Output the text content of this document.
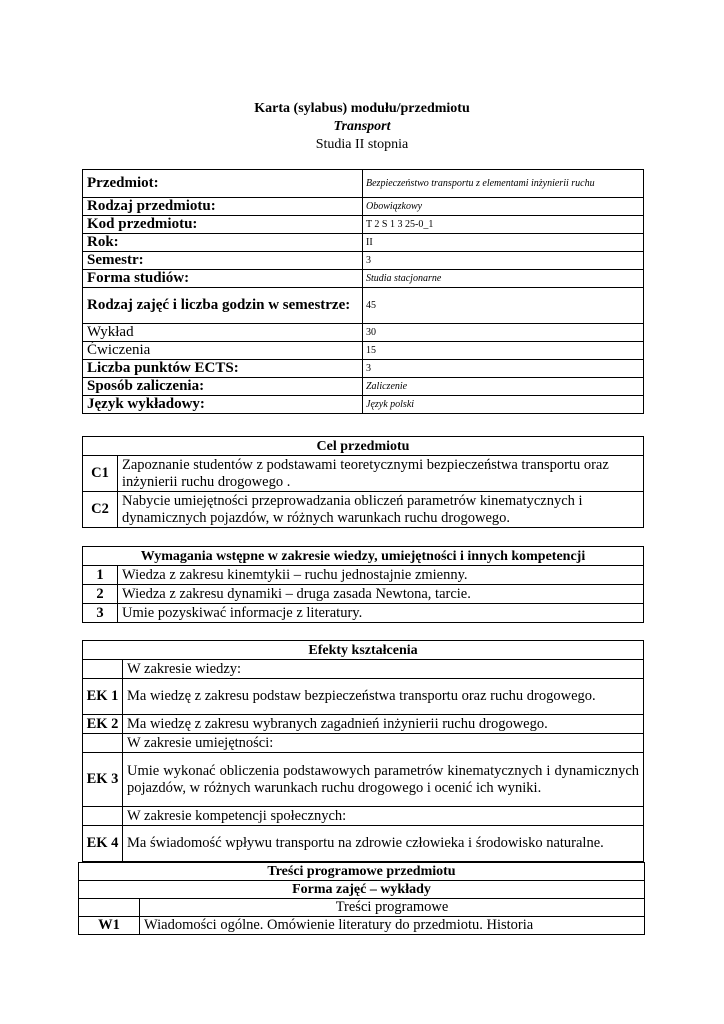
Karta (sylabus) modułu/przedmiotu
Transport
Studia II stopnia
Przedmiot:	Bezpieczeństwo transportu z elementami inżynierii ruchu
Rodzaj przedmiotu:	Obowiązkowy
Kod przedmiotu:	T 2 S 1 3 25-0_1
Rok:	II
Semestr:	3
Forma studiów:	Studia stacjonarne
Rodzaj zajęć i liczba godzin w semestrze:	45
Wykład	30
Ćwiczenia	15
Liczba punktów ECTS:	3
Sposób zaliczenia:	Zaliczenie
Język wykładowy:	Język polski
Cel przedmiotu	
C1	Zapoznanie studentów z podstawami teoretycznymi bezpieczeństwa transportu oraz inżynierii ruchu drogowego .
C2	Nabycie umiejętności przeprowadzania obliczeń parametrów kinematycznych i dynamicznych pojazdów, w różnych warunkach ruchu drogowego.
Wymagania wstępne w zakresie wiedzy, umiejętności i innych kompetencji	
1	Wiedza z zakresu kinemtykii – ruchu jednostajnie zmienny.
2	Wiedza z zakresu dynamiki – druga zasada Newtona, tarcie.
3	Umie pozyskiwać informacje z literatury.
Efekty kształcenia	
	W zakresie wiedzy:
EK 1	Ma wiedzę z zakresu podstaw bezpieczeństwa transportu oraz ruchu drogowego.
EK 2	Ma wiedzę z zakresu wybranych zagadnień inżynierii ruchu drogowego.
	W zakresie umiejętności:
EK 3	Umie wykonać obliczenia podstawowych parametrów kinematycznych i dynamicznych pojazdów, w różnych warunkach ruchu drogowego i ocenić ich wyniki.
	W zakresie kompetencji społecznych:
EK 4	Ma świadomość wpływu transportu na zdrowie człowieka i środowisko naturalne.
Treści programowe przedmiotu	
Forma zajęć – wykłady	
	Treści programowe
W1	Wiadomości ogólne. Omówienie literatury do przedmiotu. Historia
